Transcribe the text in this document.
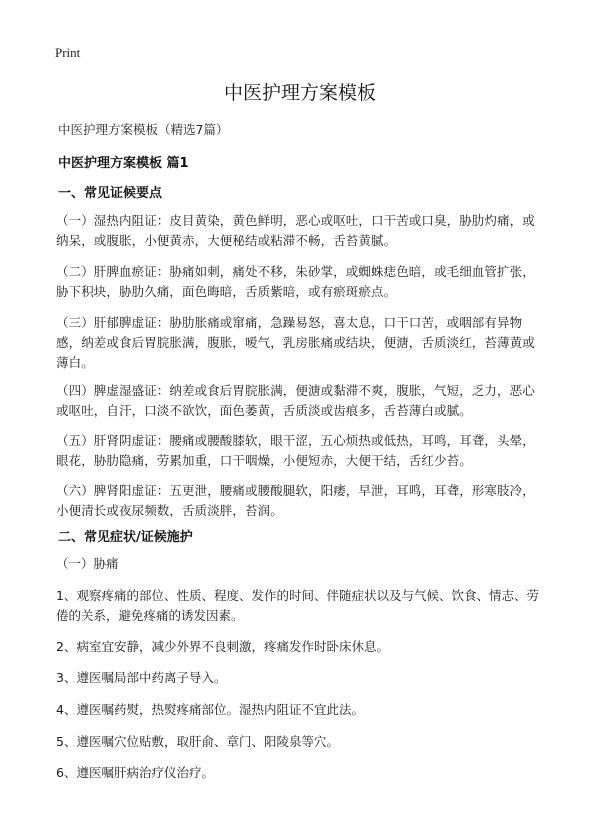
Print
中医护理方案模板
中医护理方案模板（精选7篇）
中医护理方案模板 篇1
一、常见证候要点
（一）湿热内阻证：皮目黄染，黄色鲜明，恶心或呕吐，口干苦或口臭，胁肋灼痛，或纳呆，或腹胀，小便黄赤，大便秘结或粘滞不畅，舌苔黄腻。
（二）肝脾血瘀证：胁痛如刺，痛处不移，朱砂掌，或蜘蛛痣色暗，或毛细血管扩张，胁下积块，胁肋久痛，面色晦暗，舌质紫暗，或有瘀斑瘀点。
（三）肝郁脾虚证：胁肋胀痛或窜痛，急躁易怒，喜太息，口干口苦，或咽部有异物感，纳差或食后胃脘胀满，腹胀，嗳气，乳房胀痛或结块，便溏，舌质淡红，苔薄黄或薄白。
（四）脾虚湿盛证：纳差或食后胃脘胀满，便溏或黏滞不爽，腹胀，气短，乏力，恶心或呕吐，自汗，口淡不欲饮，面色萎黄，舌质淡或齿痕多，舌苔薄白或腻。
（五）肝肾阴虚证：腰痛或腰酸膝软，眼干涩，五心烦热或低热，耳鸣，耳聋，头晕，眼花，胁肋隐痛，劳累加重，口干咽燥，小便短赤，大便干结，舌红少苔。
（六）脾肾阳虚证：五更泄，腰痛或腰酸腿软，阳痿，早泄，耳鸣，耳聋，形寒肢冷，小便清长或夜尿频数，舌质淡胖，苔润。
二、常见症状/证候施护
（一）胁痛
1、观察疼痛的部位、性质、程度、发作的时间、伴随症状以及与气候、饮食、情志、劳倦的关系，避免疼痛的诱发因素。
2、病室宜安静，减少外界不良刺激，疼痛发作时卧床休息。
3、遵医嘱局部中药离子导入。
4、遵医嘱药熨，热熨疼痛部位。湿热内阻证不宜此法。
5、遵医嘱穴位贴敷，取肝俞、章门、阳陵泉等穴。
6、遵医嘱肝病治疗仪治疗。
